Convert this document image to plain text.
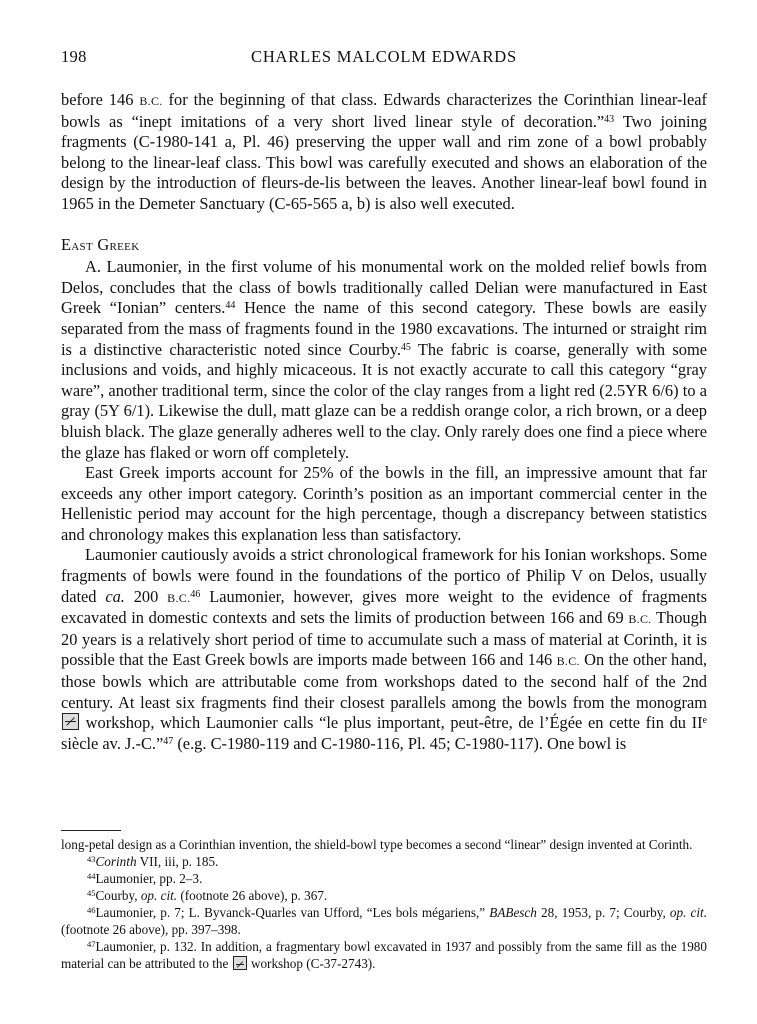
198	CHARLES MALCOLM EDWARDS

before 146 B.C. for the beginning of that class. Edwards characterizes the Corinthian linear-leaf bowls as “inept imitations of a very short lived linear style of decoration.”$^{43}$ Two joining fragments (C-1980-141 a, Pl. 46) preserving the upper wall and rim zone of a bowl probably belong to the linear-leaf class. This bowl was carefully executed and shows an elaboration of the design by the introduction of fleurs-de-lis between the leaves. Another linear-leaf bowl found in 1965 in the Demeter Sanctuary (C-65-565 a, b) is also well executed.

East Greek

A. Laumonier, in the first volume of his monumental work on the molded relief bowls from Delos, concludes that the class of bowls traditionally called Delian were manufactured in East Greek “Ionian” centers.$^{44}$ Hence the name of this second category. These bowls are easily separated from the mass of fragments found in the 1980 excavations. The inturned or straight rim is a distinctive characteristic noted since Courby.$^{45}$ The fabric is coarse, generally with some inclusions and voids, and highly micaceous. It is not exactly accurate to call this category “gray ware”, another traditional term, since the color of the clay ranges from a light red (2.5YR 6/6) to a gray (5Y 6/1). Likewise the dull, matt glaze can be a reddish orange color, a rich brown, or a deep bluish black. The glaze generally adheres well to the clay. Only rarely does one find a piece where the glaze has flaked or worn off completely.

East Greek imports account for 25% of the bowls in the fill, an impressive amount that far exceeds any other import category. Corinth’s position as an important commercial center in the Hellenistic period may account for the high percentage, though a discrepancy between statistics and chronology makes this explanation less than satisfactory.

Laumonier cautiously avoids a strict chronological framework for his Ionian workshops. Some fragments of bowls were found in the foundations of the portico of Philip V on Delos, usually dated ca. 200 B.C.$^{46}$ Laumonier, however, gives more weight to the evidence of fragments excavated in domestic contexts and sets the limits of production between 166 and 69 B.C. Though 20 years is a relatively short period of time to accumulate such a mass of material at Corinth, it is possible that the East Greek bowls are imports made between 166 and 146 B.C. On the other hand, those bowls which are attributable come from workshops dated to the second half of the 2nd century. At least six fragments find their closest parallels among the bowls from the monogram  workshop, which Laumonier calls “le plus important, peut-être, de l’Égée en cette fin du IIe siècle av. J.-C.”$^{47}$ (e.g. C-1980-119 and C-1980-116, Pl. 45; C-1980-117). One bowl is

long-petal design as a Corinthian invention, the shield-bowl type becomes a second “linear” design invented at Corinth.

$^{43}$Corinth VII, iii, p. 185.

$^{44}$Laumonier, pp. 2–3.

$^{45}$Courby, op. cit. (footnote 26 above), p. 367.

$^{46}$Laumonier, p. 7; L. Byvanck-Quarles van Ufford, “Les bols mégariens,” BABesch 28, 1953, p. 7; Courby, op. cit. (footnote 26 above), pp. 397–398.

$^{47}$Laumonier, p. 132. In addition, a fragmentary bowl excavated in 1937 and possibly from the same fill as the 1980 material can be attributed to the  workshop (C-37-2743).
